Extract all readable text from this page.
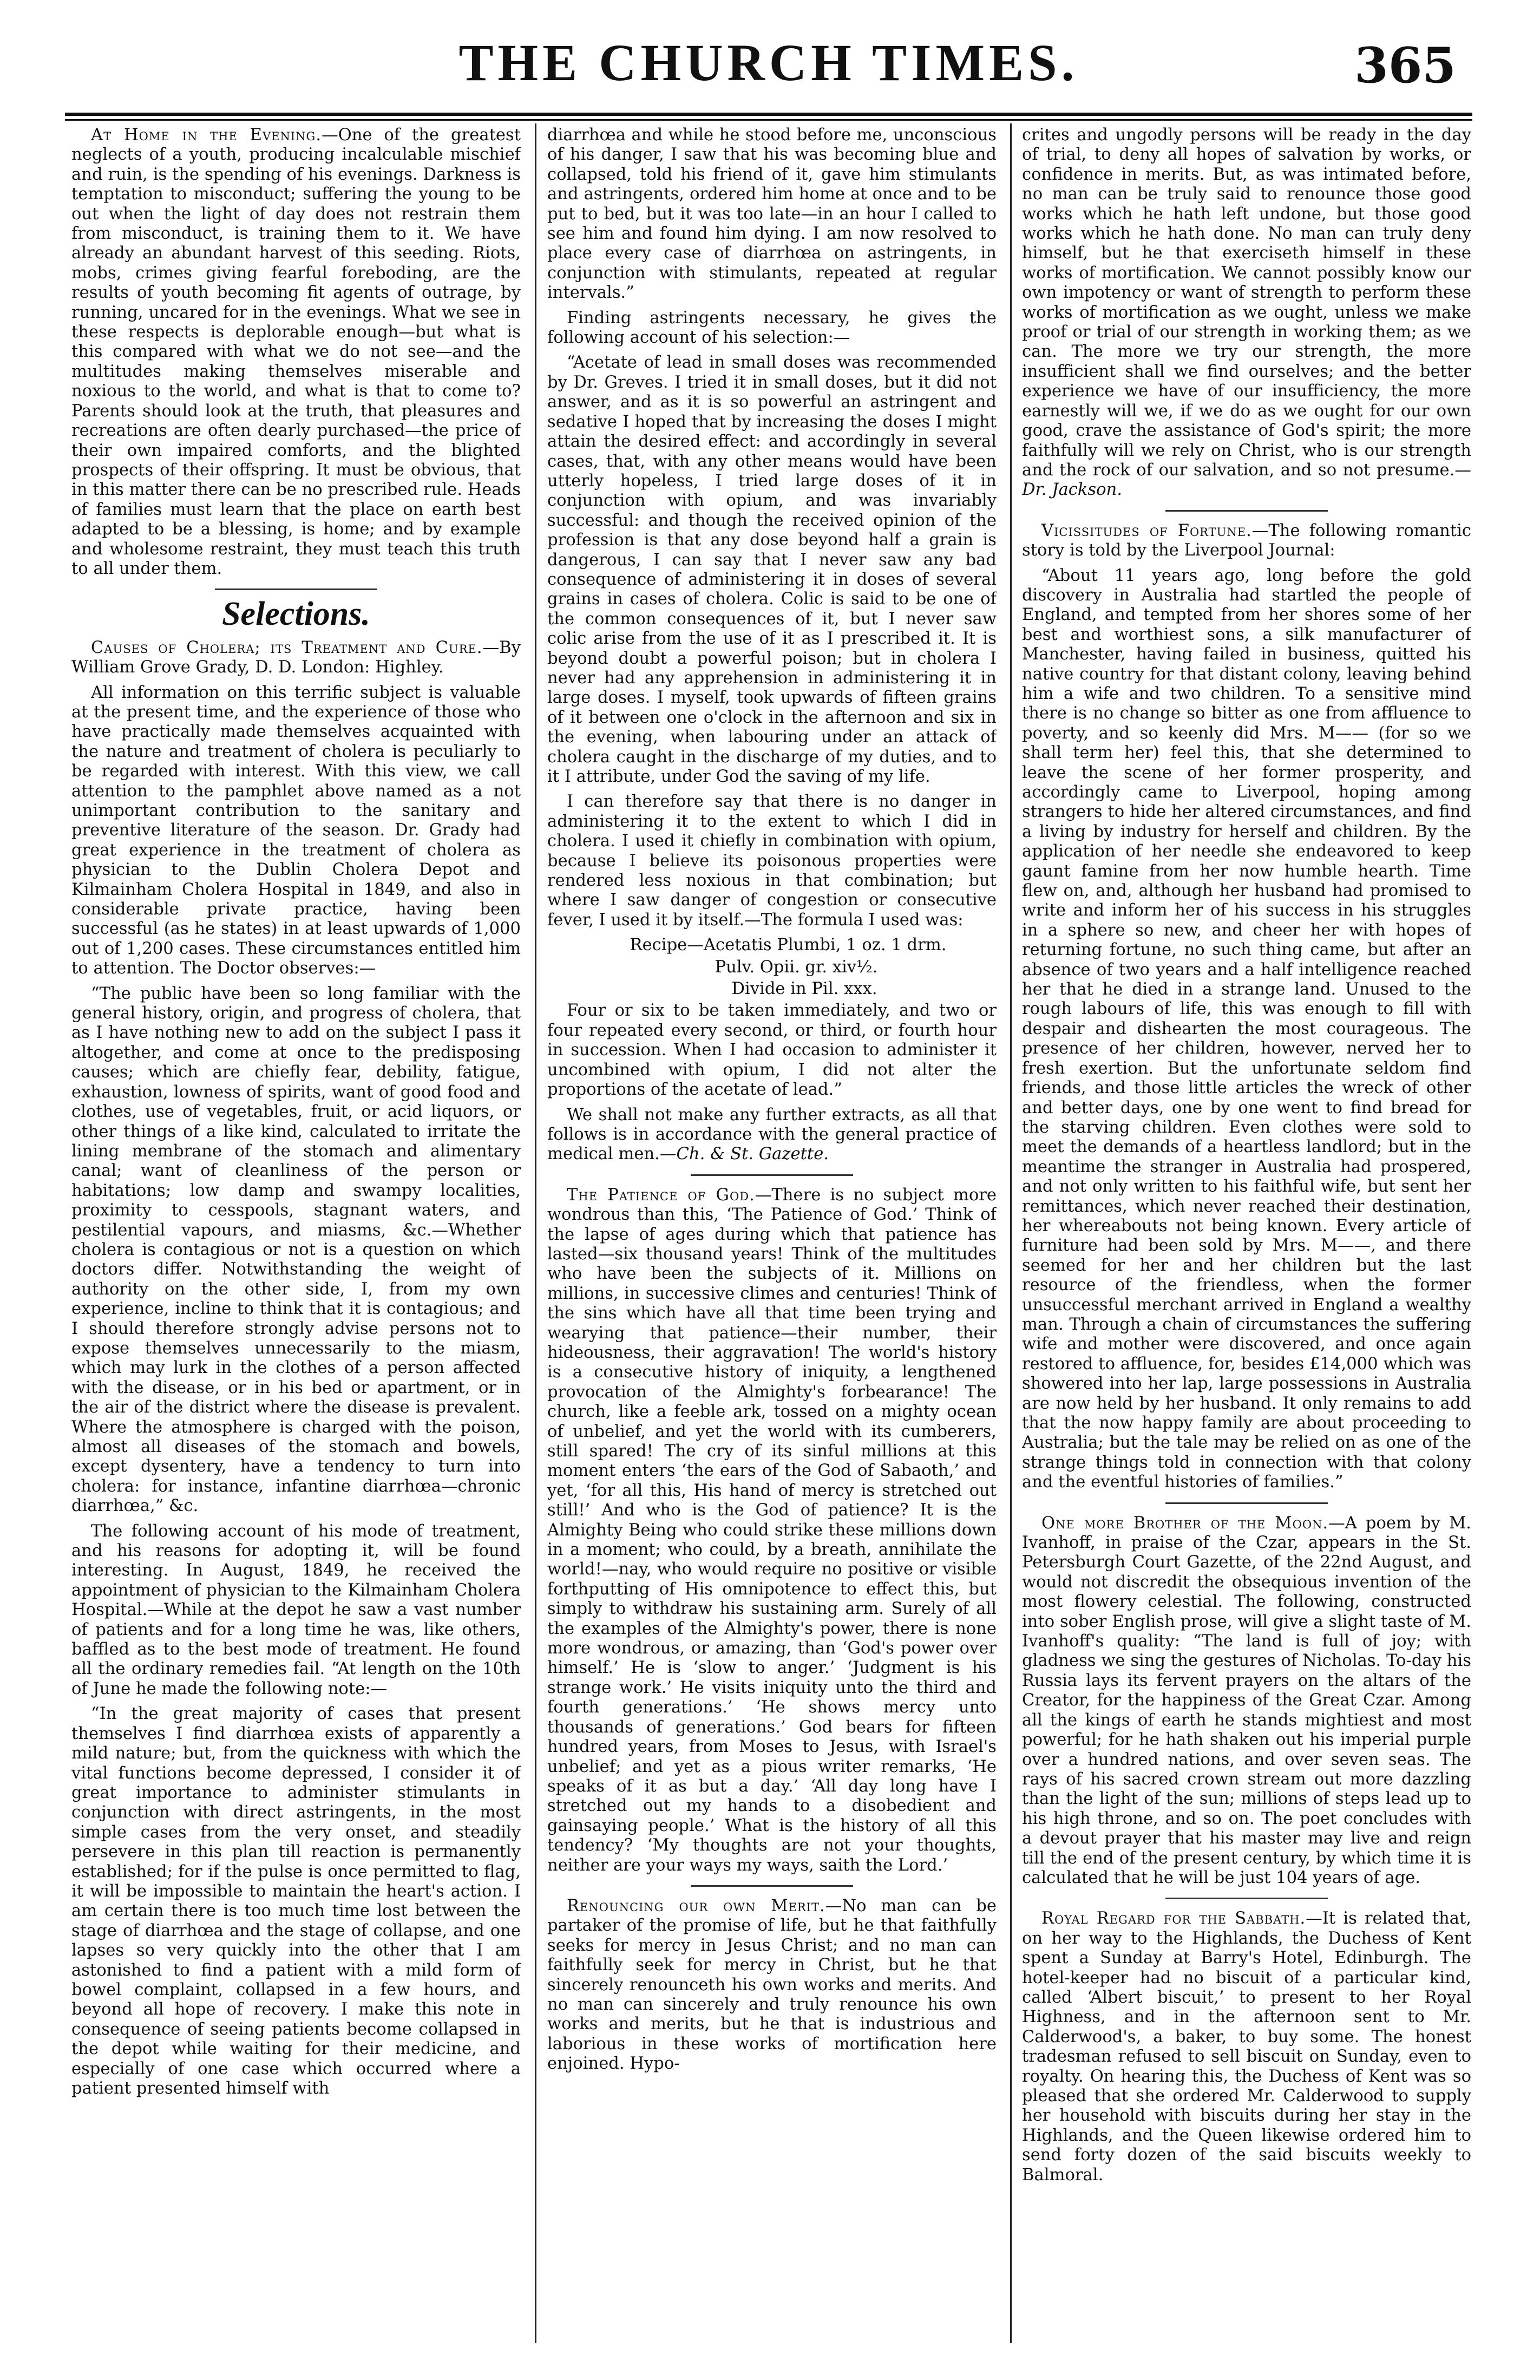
THE CHURCH TIMES.	365

At Home in the Evening.—One of the greatest neglects of a youth, producing incalculable mischief and ruin, is the spending of his evenings. Darkness is temptation to misconduct; suffering the young to be out when the light of day does not restrain them from misconduct, is training them to it. We have already an abundant harvest of this seeding. Riots, mobs, crimes giving fearful foreboding, are the results of youth becoming fit agents of outrage, by running, uncared for in the evenings. What we see in these respects is deplorable enough—but what is this compared with what we do not see—and the multitudes making themselves miserable and noxious to the world, and what is that to come to? Parents should look at the truth, that pleasures and recreations are often dearly purchased—the price of their own impaired comforts, and the blighted prospects of their offspring. It must be obvious, that in this matter there can be no prescribed rule. Heads of families must learn that the place on earth best adapted to be a blessing, is home; and by example and wholesome restraint, they must teach this truth to all under them.

Selections.

Causes of Cholera; its Treatment and Cure.—By William Grove Grady, D. D. London: Highley.

All information on this terrific subject is valuable at the present time, and the experience of those who have practically made themselves acquainted with the nature and treatment of cholera is peculiarly to be regarded with interest. With this view, we call attention to the pamphlet above named as a not unimportant contribution to the sanitary and preventive literature of the season. Dr. Grady had great experience in the treatment of cholera as physician to the Dublin Cholera Depot and Kilmainham Cholera Hospital in 1849, and also in considerable private practice, having been successful (as he states) in at least upwards of 1,000 out of 1,200 cases. These circumstances entitled him to attention. The Doctor observes:—

“The public have been so long familiar with the general history, origin, and progress of cholera, that as I have nothing new to add on the subject I pass it altogether, and come at once to the predisposing causes; which are chiefly fear, debility, fatigue, exhaustion, lowness of spirits, want of good food and clothes, use of vegetables, fruit, or acid liquors, or other things of a like kind, calculated to irritate the lining membrane of the stomach and alimentary canal; want of cleanliness of the person or habitations; low damp and swampy localities, proximity to cesspools, stagnant waters, and pestilential vapours, and miasms, &c.—Whether cholera is contagious or not is a question on which doctors differ. Notwithstanding the weight of authority on the other side, I, from my own experience, incline to think that it is contagious; and I should therefore strongly advise persons not to expose themselves unnecessarily to the miasm, which may lurk in the clothes of a person affected with the disease, or in his bed or apartment, or in the air of the district where the disease is prevalent. Where the atmosphere is charged with the poison, almost all diseases of the stomach and bowels, except dysentery, have a tendency to turn into cholera: for instance, infantine diarrhœa—chronic diarrhœa,” &c.

The following account of his mode of treatment, and his reasons for adopting it, will be found interesting. In August, 1849, he received the appointment of physician to the Kilmainham Cholera Hospital.—While at the depot he saw a vast number of patients and for a long time he was, like others, baffled as to the best mode of treatment. He found all the ordinary remedies fail. “At length on the 10th of June he made the following note:—

“In the great majority of cases that present themselves I find diarrhœa exists of apparently a mild nature; but, from the quickness with which the vital functions become depressed, I consider it of great importance to administer stimulants in conjunction with direct astringents, in the most simple cases from the very onset, and steadily persevere in this plan till reaction is permanently established; for if the pulse is once permitted to flag, it will be impossible to maintain the heart's action. I am certain there is too much time lost between the stage of diarrhœa and the stage of collapse, and one lapses so very quickly into the other that I am astonished to find a patient with a mild form of bowel complaint, collapsed in a few hours, and beyond all hope of recovery. I make this note in consequence of seeing patients become collapsed in the depot while waiting for their medicine, and especially of one case which occurred where a patient presented himself with

diarrhœa and while he stood before me, unconscious of his danger, I saw that his was becoming blue and collapsed, told his friend of it, gave him stimulants and astringents, ordered him home at once and to be put to bed, but it was too late—in an hour I called to see him and found him dying. I am now resolved to place every case of diarrhœa on astringents, in conjunction with stimulants, repeated at regular intervals.”

Finding astringents necessary, he gives the following account of his selection:—

“Acetate of lead in small doses was recommended by Dr. Greves. I tried it in small doses, but it did not answer, and as it is so powerful an astringent and sedative I hoped that by increasing the doses I might attain the desired effect: and accordingly in several cases, that, with any other means would have been utterly hopeless, I tried large doses of it in conjunction with opium, and was invariably successful: and though the received opinion of the profession is that any dose beyond half a grain is dangerous, I can say that I never saw any bad consequence of administering it in doses of several grains in cases of cholera. Colic is said to be one of the common consequences of it, but I never saw colic arise from the use of it as I prescribed it. It is beyond doubt a powerful poison; but in cholera I never had any apprehension in administering it in large doses. I myself, took upwards of fifteen grains of it between one o'clock in the afternoon and six in the evening, when labouring under an attack of cholera caught in the discharge of my duties, and to it I attribute, under God the saving of my life.

I can therefore say that there is no danger in administering it to the extent to which I did in cholera. I used it chiefly in combination with opium, because I believe its poisonous properties were rendered less noxious in that combination; but where I saw danger of congestion or consecutive fever, I used it by itself.—The formula I used was:

Recipe—Acetatis Plumbi, 1 oz. 1 drm.

Pulv. Opii. gr. xiv½.

Divide in Pil. xxx.

Four or six to be taken immediately, and two or four repeated every second, or third, or fourth hour in succession. When I had occasion to administer it uncombined with opium, I did not alter the proportions of the acetate of lead.”

We shall not make any further extracts, as all that follows is in accordance with the general practice of medical men.—Ch. & St. Gazette.

The Patience of God.—There is no subject more wondrous than this, ‘The Patience of God.’ Think of the lapse of ages during which that patience has lasted—six thousand years! Think of the multitudes who have been the subjects of it. Millions on millions, in successive climes and centuries! Think of the sins which have all that time been trying and wearying that patience—their number, their hideousness, their aggravation! The world's history is a consecutive history of iniquity, a lengthened provocation of the Almighty's forbearance! The church, like a feeble ark, tossed on a mighty ocean of unbelief, and yet the world with its cumberers, still spared! The cry of its sinful millions at this moment enters ‘the ears of the God of Sabaoth,’ and yet, ‘for all this, His hand of mercy is stretched out still!’ And who is the God of patience? It is the Almighty Being who could strike these millions down in a moment; who could, by a breath, annihilate the world!—nay, who would require no positive or visible forthputting of His omnipotence to effect this, but simply to withdraw his sustaining arm. Surely of all the examples of the Almighty's power, there is none more wondrous, or amazing, than ‘God's power over himself.’ He is ‘slow to anger.’ ‘Judgment is his strange work.’ He visits iniquity unto the third and fourth generations.’ ‘He shows mercy unto thousands of generations.’ God bears for fifteen hundred years, from Moses to Jesus, with Israel's unbelief; and yet as a pious writer remarks, ‘He speaks of it as but a day.’ ‘All day long have I stretched out my hands to a disobedient and gainsaying people.’ What is the history of all this tendency? ‘My thoughts are not your thoughts, neither are your ways my ways, saith the Lord.’

Renouncing our own Merit.—No man can be partaker of the promise of life, but he that faithfully seeks for mercy in Jesus Christ; and no man can faithfully seek for mercy in Christ, but he that sincerely renounceth his own works and merits. And no man can sincerely and truly renounce his own works and merits, but he that is industrious and laborious in these works of mortification here enjoined. Hypo-

crites and ungodly persons will be ready in the day of trial, to deny all hopes of salvation by works, or confidence in merits. But, as was intimated before, no man can be truly said to renounce those good works which he hath left undone, but those good works which he hath done. No man can truly deny himself, but he that exerciseth himself in these works of mortification. We cannot possibly know our own impotency or want of strength to perform these works of mortification as we ought, unless we make proof or trial of our strength in working them; as we can. The more we try our strength, the more insufficient shall we find ourselves; and the better experience we have of our insufficiency, the more earnestly will we, if we do as we ought for our own good, crave the assistance of God's spirit; the more faithfully will we rely on Christ, who is our strength and the rock of our salvation, and so not presume.—Dr. Jackson.

Vicissitudes of Fortune.—The following romantic story is told by the Liverpool Journal:

“About 11 years ago, long before the gold discovery in Australia had startled the people of England, and tempted from her shores some of her best and worthiest sons, a silk manufacturer of Manchester, having failed in business, quitted his native country for that distant colony, leaving behind him a wife and two children. To a sensitive mind there is no change so bitter as one from affluence to poverty, and so keenly did Mrs. M—— (for so we shall term her) feel this, that she determined to leave the scene of her former prosperity, and accordingly came to Liverpool, hoping among strangers to hide her altered circumstances, and find a living by industry for herself and children. By the application of her needle she endeavored to keep gaunt famine from her now humble hearth. Time flew on, and, although her husband had promised to write and inform her of his success in his struggles in a sphere so new, and cheer her with hopes of returning fortune, no such thing came, but after an absence of two years and a half intelligence reached her that he died in a strange land. Unused to the rough labours of life, this was enough to fill with despair and dishearten the most courageous. The presence of her children, however, nerved her to fresh exertion. But the unfortunate seldom find friends, and those little articles the wreck of other and better days, one by one went to find bread for the starving children. Even clothes were sold to meet the demands of a heartless landlord; but in the meantime the stranger in Australia had prospered, and not only written to his faithful wife, but sent her remittances, which never reached their destination, her whereabouts not being known. Every article of furniture had been sold by Mrs. M——, and there seemed for her and her children but the last resource of the friendless, when the former unsuccessful merchant arrived in England a wealthy man. Through a chain of circumstances the suffering wife and mother were discovered, and once again restored to affluence, for, besides £14,000 which was showered into her lap, large possessions in Australia are now held by her husband. It only remains to add that the now happy family are about proceeding to Australia; but the tale may be relied on as one of the strange things told in connection with that colony and the eventful histories of families.”

One more Brother of the Moon.—A poem by M. Ivanhoff, in praise of the Czar, appears in the St. Petersburgh Court Gazette, of the 22nd August, and would not discredit the obsequious invention of the most flowery celestial. The following, constructed into sober English prose, will give a slight taste of M. Ivanhoff's quality: “The land is full of joy; with gladness we sing the gestures of Nicholas. To-day his Russia lays its fervent prayers on the altars of the Creator, for the happiness of the Great Czar. Among all the kings of earth he stands mightiest and most powerful; for he hath shaken out his imperial purple over a hundred nations, and over seven seas. The rays of his sacred crown stream out more dazzling than the light of the sun; millions of steps lead up to his high throne, and so on. The poet concludes with a devout prayer that his master may live and reign till the end of the present century, by which time it is calculated that he will be just 104 years of age.

Royal Regard for the Sabbath.—It is related that, on her way to the Highlands, the Duchess of Kent spent a Sunday at Barry's Hotel, Edinburgh. The hotel-keeper had no biscuit of a particular kind, called ‘Albert biscuit,’ to present to her Royal Highness, and in the afternoon sent to Mr. Calderwood's, a baker, to buy some. The honest tradesman refused to sell biscuit on Sunday, even to royalty. On hearing this, the Duchess of Kent was so pleased that she ordered Mr. Calderwood to supply her household with biscuits during her stay in the Highlands, and the Queen likewise ordered him to send forty dozen of the said biscuits weekly to Balmoral.
